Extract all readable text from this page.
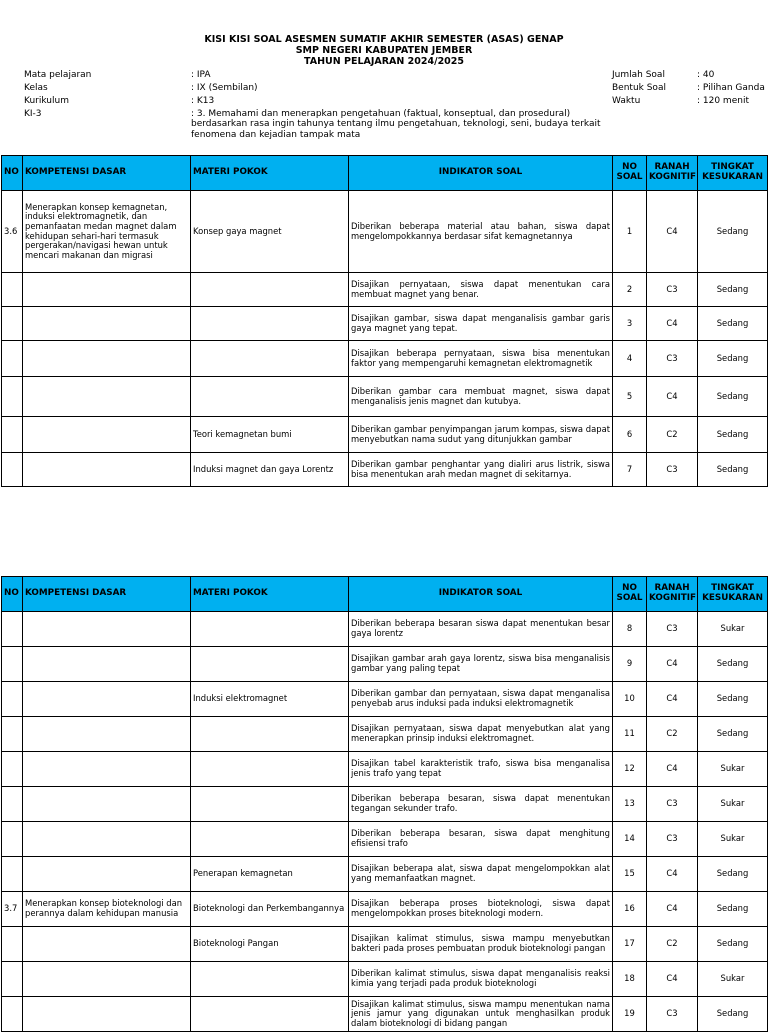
KISI KISI SOAL ASESMEN SUMATIF AKHIR SEMESTER (ASAS) GENAP
SMP NEGERI KABUPATEN JEMBER
TAHUN PELAJARAN 2024/2025
Mata pelajaran	: IPA
Kelas	: IX (Sembilan)
Kurikulum	: K13
KI-3	: 3. Memahami dan menerapkan pengetahuan (faktual, konseptual, dan prosedural)
berdasarkan rasa ingin tahunya tentang ilmu pengetahuan, teknologi, seni, budaya terkait fenomena dan kejadian tampak mata
Jumlah Soal	: 40
Bentuk Soal	: Pilihan Ganda
Waktu	: 120 menit
NO	KOMPETENSI DASAR	MATERI POKOK	INDIKATOR SOAL	NO SOAL	RANAH KOGNITIF	TINGKAT KESUKARAN
3.6	Menerapkan konsep kemagnetan, induksi elektromagnetik, dan pemanfaatan medan magnet dalam kehidupan sehari-hari termasuk pergerakan/navigasi hewan untuk mencari makanan dan migrasi	Konsep gaya magnet	Diberikan beberapa material atau bahan, siswa dapat mengelompokkannya berdasar sifat kemagnetannya	1	C4	Sedang
			Disajikan pernyataan, siswa dapat menentukan cara membuat magnet yang benar.	2	C3	Sedang
			Disajikan gambar, siswa dapat menganalisis gambar garis gaya magnet yang tepat.	3	C4	Sedang
			Disajikan beberapa pernyataan, siswa bisa menentukan faktor yang mempengaruhi kemagnetan elektromagnetik	4	C3	Sedang
			Diberikan gambar cara membuat magnet, siswa dapat menganalisis jenis magnet dan kutubya.	5	C4	Sedang
		Teori kemagnetan bumi	Diberikan gambar penyimpangan jarum kompas, siswa dapat menyebutkan nama sudut yang ditunjukkan gambar	6	C2	Sedang
		Induksi magnet dan gaya Lorentz	Diberikan gambar penghantar yang dialiri arus listrik, siswa bisa menentukan arah medan magnet di sekitarnya.	7	C3	Sedang
NO	KOMPETENSI DASAR	MATERI POKOK	INDIKATOR SOAL	NO SOAL	RANAH KOGNITIF	TINGKAT KESUKARAN
			Diberikan beberapa besaran siswa dapat menentukan besar gaya lorentz	8	C3	Sukar
			Disajikan gambar arah gaya lorentz, siswa bisa menganalisis gambar yang paling tepat	9	C4	Sedang
		Induksi elektromagnet	Diberikan gambar dan pernyataan, siswa dapat menganalisa penyebab arus induksi pada induksi elektromagnetik	10	C4	Sedang
			Disajikan pernyataan, siswa dapat menyebutkan alat yang menerapkan prinsip induksi elektromagnet.	11	C2	Sedang
			Disajikan tabel karakteristik trafo, siswa bisa menganalisa jenis trafo yang tepat	12	C4	Sukar
			Diberikan beberapa besaran, siswa dapat menentukan tegangan sekunder trafo.	13	C3	Sukar
			Diberikan beberapa besaran, siswa dapat menghitung efisiensi trafo	14	C3	Sukar
		Penerapan kemagnetan	Disajikan beberapa alat, siswa dapat mengelompokkan alat yang memanfaatkan magnet.	15	C4	Sedang
3.7	Menerapkan konsep bioteknologi dan perannya dalam kehidupan manusia	Bioteknologi dan Perkembangannya	Disajikan beberapa proses bioteknologi, siswa dapat mengelompokkan proses biteknologi modern.	16	C4	Sedang
		Bioteknologi Pangan	Disajikan kalimat stimulus, siswa mampu menyebutkan bakteri pada proses pembuatan produk bioteknologi pangan	17	C2	Sedang
			Diberikan kalimat stimulus, siswa dapat menganalisis reaksi kimia yang terjadi pada produk bioteknologi	18	C4	Sukar
			Disajikan kalimat stimulus, siswa mampu menentukan nama jenis jamur yang digunakan untuk menghasilkan produk dalam bioteknologi di bidang pangan	19	C3	Sedang
